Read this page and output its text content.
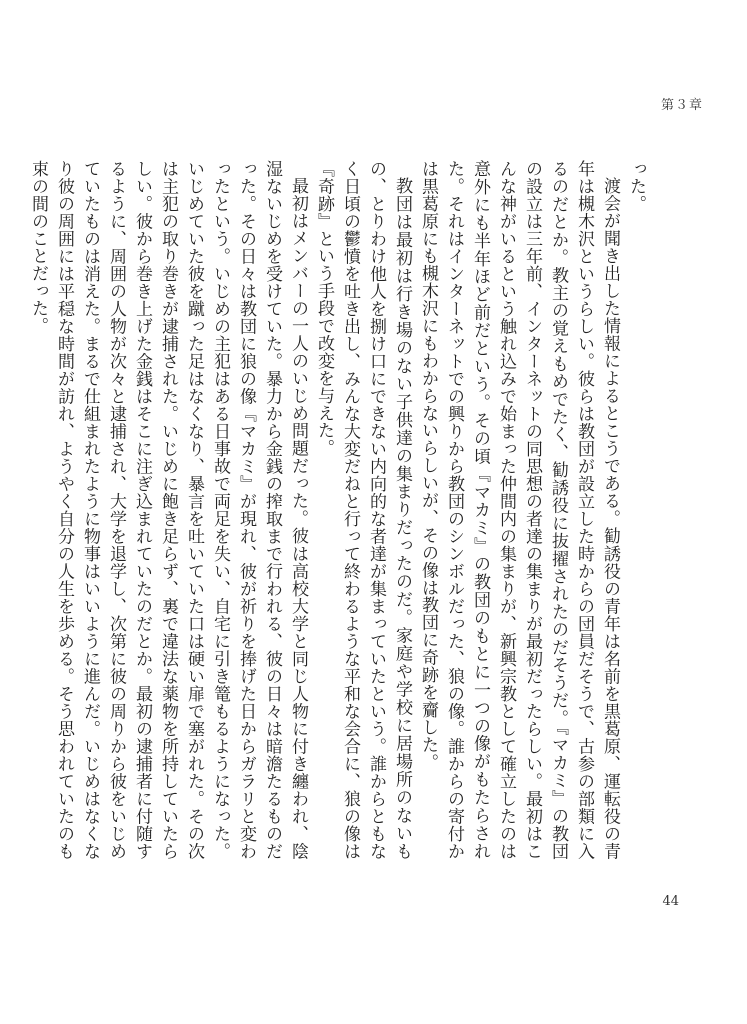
第３章

った。

渡会が聞き出した情報によるとこうである。勧誘役の青年は名前を黒葛原、運転役の青年は槻木沢というらしい。彼らは教団が設立した時からの団員だそうで、古参の部類に入るのだとか。教主の覚えもめでたく、勧誘役に抜擢されたのだそうだ。『マカミ』の教団の設立は三年前、インターネットの同思想の者達の集まりが最初だったらしい。最初はこんな神がいるという触れ込みで始まった仲間内の集まりが、新興宗教として確立したのは意外にも半年ほど前だという。その頃『マカミ』の教団のもとに一つの像がもたらされた。それはインターネットでの興りから教団のシンボルだった、狼の像。誰からの寄付かは黒葛原にも槻木沢にもわからないらしいが、その像は教団に奇跡を齎した。

教団は最初は行き場のない子供達の集まりだったのだ。家庭や学校に居場所のないもの、とりわけ他人を捌け口にできない内向的な者達が集まっていたという。誰からともなく日頃の鬱憤を吐き出し、みんな大変だねと行って終わるような平和な会合に、狼の像は『奇跡』という手段で改変を与えた。

最初はメンバーの一人のいじめ問題だった。彼は高校大学と同じ人物に付き纏われ、陰湿ないじめを受けていた。暴力から金銭の搾取まで行われる、彼の日々は暗澹たるものだった。その日々は教団に狼の像『マカミ』が現れ、彼が祈りを捧げた日からガラリと変わったという。いじめの主犯はある日事故で両足を失い、自宅に引き篭もるようになった。いじめていた彼を蹴った足はなくなり、暴言を吐いていた口は硬い扉で塞がれた。その次は主犯の取り巻きが逮捕された。いじめに飽き足らず、裏で違法な薬物を所持していたらしい。彼から巻き上げた金銭はそこに注ぎ込まれていたのだとか。最初の逮捕者に付随するように、周囲の人物が次々と逮捕され、大学を退学し、次第に彼の周りから彼をいじめていたものは消えた。まるで仕組まれたように物事はいいように進んだ。いじめはなくなり彼の周囲には平穏な時間が訪れ、ようやく自分の人生を歩める。そう思われていたのも束の間のことだった。

44
